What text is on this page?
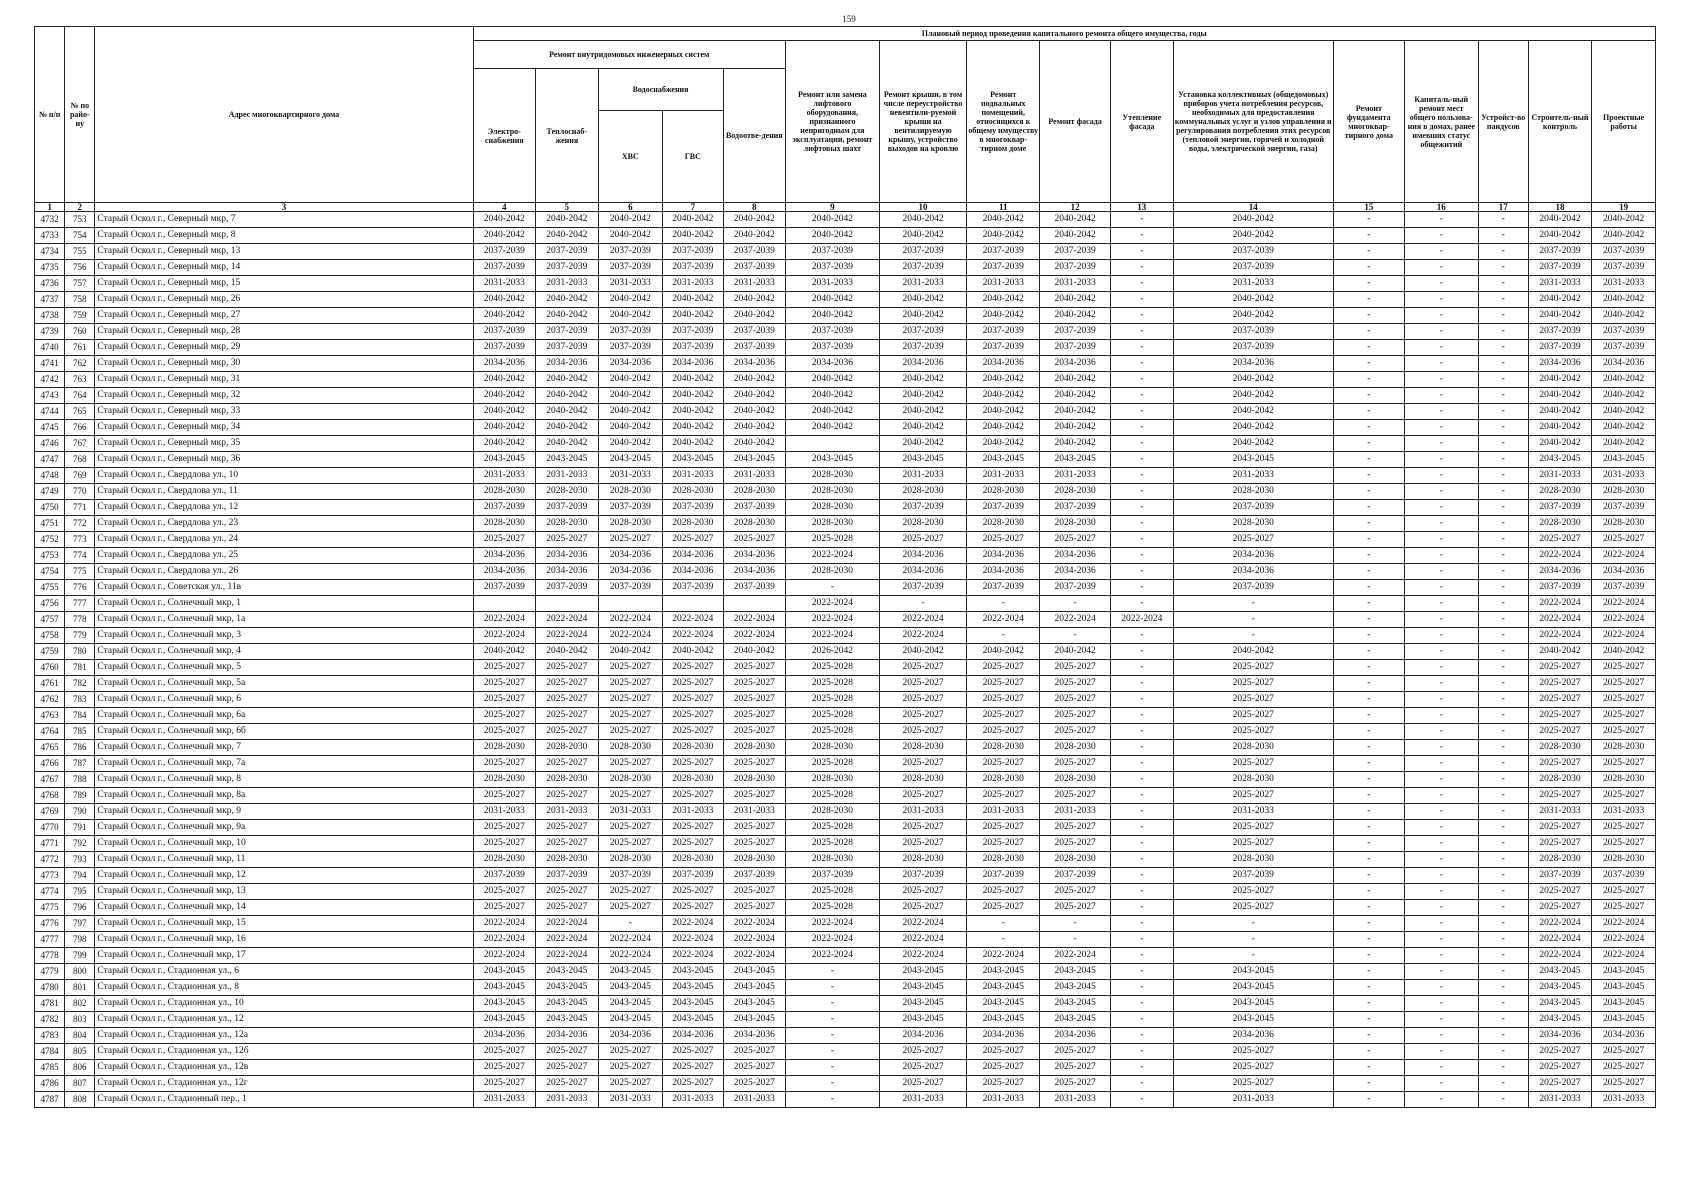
159
№ п/п	№ по райо-ну	Адрес многоквартирного дома	Плановый период проведения капитального ремонта общего имущества, годы															
			Ремонт внутридомовых инженерных систем					Ремонт или замена лифтового оборудования, признанного непригодным для эксплуатации, ремонт лифтовых шахт	Ремонт крыши, в том числе переустройство невентили-руемой крыши на вентилируемую крышу, устройство выходов на кровлю	Ремонт подвальных помещений, относящихся к общему имуществу в многоквар-тирном доме	Ремонт фасада	Утепление фасада	Установка коллективных (общедомовых) приборов учета потребления ресурсов, необходимых для предоставления коммунальных услуг и узлов управления и регулирования потребления этих ресурсов (тепловой энергии, горячей и холодной воды, электрической энергии, газа)	Ремонт фундамента многоквар-тирного дома	Капиталь-ный ремонт мест общего пользова-ния в домах, ранее имевших статус общежитий	Устройст-во пандусов	Строитель-ный контроль	Проектные работы
			Электро-снабжения	Теплоснаб-жения	Водоснабжения		Водоотве-дения											
					ХВС	ГВС												
1	2	3	4	5	6	7	8	9	10	11	12	13	14	15	16	17	18	19
4732	753	Старый Оскол г., Северный мкр, 7	2040-2042	2040-2042	2040-2042	2040-2042	2040-2042	2040-2042	2040-2042	2040-2042	2040-2042	-	2040-2042	-	-	-	2040-2042	2040-2042
4733	754	Старый Оскол г., Северный мкр, 8	2040-2042	2040-2042	2040-2042	2040-2042	2040-2042	2040-2042	2040-2042	2040-2042	2040-2042	-	2040-2042	-	-	-	2040-2042	2040-2042
4734	755	Старый Оскол г., Северный мкр, 13	2037-2039	2037-2039	2037-2039	2037-2039	2037-2039	2037-2039	2037-2039	2037-2039	2037-2039	-	2037-2039	-	-	-	2037-2039	2037-2039
4735	756	Старый Оскол г., Северный мкр, 14	2037-2039	2037-2039	2037-2039	2037-2039	2037-2039	2037-2039	2037-2039	2037-2039	2037-2039	-	2037-2039	-	-	-	2037-2039	2037-2039
4736	757	Старый Оскол г., Северный мкр, 15	2031-2033	2031-2033	2031-2033	2031-2033	2031-2033	2031-2033	2031-2033	2031-2033	2031-2033	-	2031-2033	-	-	-	2031-2033	2031-2033
4737	758	Старый Оскол г., Северный мкр, 26	2040-2042	2040-2042	2040-2042	2040-2042	2040-2042	2040-2042	2040-2042	2040-2042	2040-2042	-	2040-2042	-	-	-	2040-2042	2040-2042
4738	759	Старый Оскол г., Северный мкр, 27	2040-2042	2040-2042	2040-2042	2040-2042	2040-2042	2040-2042	2040-2042	2040-2042	2040-2042	-	2040-2042	-	-	-	2040-2042	2040-2042
4739	760	Старый Оскол г., Северный мкр, 28	2037-2039	2037-2039	2037-2039	2037-2039	2037-2039	2037-2039	2037-2039	2037-2039	2037-2039	-	2037-2039	-	-	-	2037-2039	2037-2039
4740	761	Старый Оскол г., Северный мкр, 29	2037-2039	2037-2039	2037-2039	2037-2039	2037-2039	2037-2039	2037-2039	2037-2039	2037-2039	-	2037-2039	-	-	-	2037-2039	2037-2039
4741	762	Старый Оскол г., Северный мкр, 30	2034-2036	2034-2036	2034-2036	2034-2036	2034-2036	2034-2036	2034-2036	2034-2036	2034-2036	-	2034-2036	-	-	-	2034-2036	2034-2036
4742	763	Старый Оскол г., Северный мкр, 31	2040-2042	2040-2042	2040-2042	2040-2042	2040-2042	2040-2042	2040-2042	2040-2042	2040-2042	-	2040-2042	-	-	-	2040-2042	2040-2042
4743	764	Старый Оскол г., Северный мкр, 32	2040-2042	2040-2042	2040-2042	2040-2042	2040-2042	2040-2042	2040-2042	2040-2042	2040-2042	-	2040-2042	-	-	-	2040-2042	2040-2042
4744	765	Старый Оскол г., Северный мкр, 33	2040-2042	2040-2042	2040-2042	2040-2042	2040-2042	2040-2042	2040-2042	2040-2042	2040-2042	-	2040-2042	-	-	-	2040-2042	2040-2042
4745	766	Старый Оскол г., Северный мкр, 34	2040-2042	2040-2042	2040-2042	2040-2042	2040-2042	2040-2042	2040-2042	2040-2042	2040-2042	-	2040-2042	-	-	-	2040-2042	2040-2042
4746	767	Старый Оскол г., Северный мкр, 35	2040-2042	2040-2042	2040-2042	2040-2042	2040-2042		2040-2042	2040-2042	2040-2042	-	2040-2042	-	-	-	2040-2042	2040-2042
4747	768	Старый Оскол г., Северный мкр, 36	2043-2045	2043-2045	2043-2045	2043-2045	2043-2045	2043-2045	2043-2045	2043-2045	2043-2045	-	2043-2045	-	-	-	2043-2045	2043-2045
4748	769	Старый Оскол г., Свердлова ул., 10	2031-2033	2031-2033	2031-2033	2031-2033	2031-2033	2028-2030	2031-2033	2031-2033	2031-2033	-	2031-2033	-	-	-	2031-2033	2031-2033
4749	770	Старый Оскол г., Свердлова ул., 11	2028-2030	2028-2030	2028-2030	2028-2030	2028-2030	2028-2030	2028-2030	2028-2030	2028-2030	-	2028-2030	-	-	-	2028-2030	2028-2030
4750	771	Старый Оскол г., Свердлова ул., 12	2037-2039	2037-2039	2037-2039	2037-2039	2037-2039	2028-2030	2037-2039	2037-2039	2037-2039	-	2037-2039	-	-	-	2037-2039	2037-2039
4751	772	Старый Оскол г., Свердлова ул., 23	2028-2030	2028-2030	2028-2030	2028-2030	2028-2030	2028-2030	2028-2030	2028-2030	2028-2030	-	2028-2030	-	-	-	2028-2030	2028-2030
4752	773	Старый Оскол г., Свердлова ул., 24	2025-2027	2025-2027	2025-2027	2025-2027	2025-2027	2025-2028	2025-2027	2025-2027	2025-2027	-	2025-2027	-	-	-	2025-2027	2025-2027
4753	774	Старый Оскол г., Свердлова ул., 25	2034-2036	2034-2036	2034-2036	2034-2036	2034-2036	2022-2024	2034-2036	2034-2036	2034-2036	-	2034-2036	-	-	-	2022-2024	2022-2024
4754	775	Старый Оскол г., Свердлова ул., 26	2034-2036	2034-2036	2034-2036	2034-2036	2034-2036	2028-2030	2034-2036	2034-2036	2034-2036	-	2034-2036	-	-	-	2034-2036	2034-2036
4755	776	Старый Оскол г., Советская ул., 11в	2037-2039	2037-2039	2037-2039	2037-2039	2037-2039	-	2037-2039	2037-2039	2037-2039	-	2037-2039	-	-	-	2037-2039	2037-2039
4756	777	Старый Оскол г., Солнечный мкр, 1						2022-2024	-	-	-	-	-	-	-	-	2022-2024	2022-2024
4757	778	Старый Оскол г., Солнечный мкр, 1а	2022-2024	2022-2024	2022-2024	2022-2024	2022-2024	2022-2024	2022-2024	2022-2024	2022-2024	2022-2024	-	-	-	-	2022-2024	2022-2024
4758	779	Старый Оскол г., Солнечный мкр, 3	2022-2024	2022-2024	2022-2024	2022-2024	2022-2024	2022-2024	2022-2024	-	-	-	-	-	-	-	2022-2024	2022-2024
4759	780	Старый Оскол г., Солнечный мкр, 4	2040-2042	2040-2042	2040-2042	2040-2042	2040-2042	2026-2042	2040-2042	2040-2042	2040-2042	-	2040-2042	-	-	-	2040-2042	2040-2042
4760	781	Старый Оскол г., Солнечный мкр, 5	2025-2027	2025-2027	2025-2027	2025-2027	2025-2027	2025-2028	2025-2027	2025-2027	2025-2027	-	2025-2027	-	-	-	2025-2027	2025-2027
4761	782	Старый Оскол г., Солнечный мкр, 5а	2025-2027	2025-2027	2025-2027	2025-2027	2025-2027	2025-2028	2025-2027	2025-2027	2025-2027	-	2025-2027	-	-	-	2025-2027	2025-2027
4762	783	Старый Оскол г., Солнечный мкр, 6	2025-2027	2025-2027	2025-2027	2025-2027	2025-2027	2025-2028	2025-2027	2025-2027	2025-2027	-	2025-2027	-	-	-	2025-2027	2025-2027
4763	784	Старый Оскол г., Солнечный мкр, 6а	2025-2027	2025-2027	2025-2027	2025-2027	2025-2027	2025-2028	2025-2027	2025-2027	2025-2027	-	2025-2027	-	-	-	2025-2027	2025-2027
4764	785	Старый Оскол г., Солнечный мкр, 6б	2025-2027	2025-2027	2025-2027	2025-2027	2025-2027	2025-2028	2025-2027	2025-2027	2025-2027	-	2025-2027	-	-	-	2025-2027	2025-2027
4765	786	Старый Оскол г., Солнечный мкр, 7	2028-2030	2028-2030	2028-2030	2028-2030	2028-2030	2028-2030	2028-2030	2028-2030	2028-2030	-	2028-2030	-	-	-	2028-2030	2028-2030
4766	787	Старый Оскол г., Солнечный мкр, 7а	2025-2027	2025-2027	2025-2027	2025-2027	2025-2027	2025-2028	2025-2027	2025-2027	2025-2027	-	2025-2027	-	-	-	2025-2027	2025-2027
4767	788	Старый Оскол г., Солнечный мкр, 8	2028-2030	2028-2030	2028-2030	2028-2030	2028-2030	2028-2030	2028-2030	2028-2030	2028-2030	-	2028-2030	-	-	-	2028-2030	2028-2030
4768	789	Старый Оскол г., Солнечный мкр, 8а	2025-2027	2025-2027	2025-2027	2025-2027	2025-2027	2025-2028	2025-2027	2025-2027	2025-2027	-	2025-2027	-	-	-	2025-2027	2025-2027
4769	790	Старый Оскол г., Солнечный мкр, 9	2031-2033	2031-2033	2031-2033	2031-2033	2031-2033	2028-2030	2031-2033	2031-2033	2031-2033	-	2031-2033	-	-	-	2031-2033	2031-2033
4770	791	Старый Оскол г., Солнечный мкр, 9а	2025-2027	2025-2027	2025-2027	2025-2027	2025-2027	2025-2028	2025-2027	2025-2027	2025-2027	-	2025-2027	-	-	-	2025-2027	2025-2027
4771	792	Старый Оскол г., Солнечный мкр, 10	2025-2027	2025-2027	2025-2027	2025-2027	2025-2027	2025-2028	2025-2027	2025-2027	2025-2027	-	2025-2027	-	-	-	2025-2027	2025-2027
4772	793	Старый Оскол г., Солнечный мкр, 11	2028-2030	2028-2030	2028-2030	2028-2030	2028-2030	2028-2030	2028-2030	2028-2030	2028-2030	-	2028-2030	-	-	-	2028-2030	2028-2030
4773	794	Старый Оскол г., Солнечный мкр, 12	2037-2039	2037-2039	2037-2039	2037-2039	2037-2039	2037-2039	2037-2039	2037-2039	2037-2039	-	2037-2039	-	-	-	2037-2039	2037-2039
4774	795	Старый Оскол г., Солнечный мкр, 13	2025-2027	2025-2027	2025-2027	2025-2027	2025-2027	2025-2028	2025-2027	2025-2027	2025-2027	-	2025-2027	-	-	-	2025-2027	2025-2027
4775	796	Старый Оскол г., Солнечный мкр, 14	2025-2027	2025-2027	2025-2027	2025-2027	2025-2027	2025-2028	2025-2027	2025-2027	2025-2027	-	2025-2027	-	-	-	2025-2027	2025-2027
4776	797	Старый Оскол г., Солнечный мкр, 15	2022-2024	2022-2024	-	2022-2024	2022-2024	2022-2024	2022-2024	-	-	-	-	-	-	-	2022-2024	2022-2024
4777	798	Старый Оскол г., Солнечный мкр, 16	2022-2024	2022-2024	2022-2024	2022-2024	2022-2024	2022-2024	2022-2024	-	-	-	-	-	-	-	2022-2024	2022-2024
4778	799	Старый Оскол г., Солнечный мкр, 17	2022-2024	2022-2024	2022-2024	2022-2024	2022-2024	2022-2024	2022-2024	2022-2024	2022-2024	-	-	-	-	-	2022-2024	2022-2024
4779	800	Старый Оскол г., Стадионная ул., 6	2043-2045	2043-2045	2043-2045	2043-2045	2043-2045	-	2043-2045	2043-2045	2043-2045	-	2043-2045	-	-	-	2043-2045	2043-2045
4780	801	Старый Оскол г., Стадионная ул., 8	2043-2045	2043-2045	2043-2045	2043-2045	2043-2045	-	2043-2045	2043-2045	2043-2045	-	2043-2045	-	-	-	2043-2045	2043-2045
4781	802	Старый Оскол г., Стадионная ул., 10	2043-2045	2043-2045	2043-2045	2043-2045	2043-2045	-	2043-2045	2043-2045	2043-2045	-	2043-2045	-	-	-	2043-2045	2043-2045
4782	803	Старый Оскол г., Стадионная ул., 12	2043-2045	2043-2045	2043-2045	2043-2045	2043-2045	-	2043-2045	2043-2045	2043-2045	-	2043-2045	-	-	-	2043-2045	2043-2045
4783	804	Старый Оскол г., Стадионная ул., 12а	2034-2036	2034-2036	2034-2036	2034-2036	2034-2036	-	2034-2036	2034-2036	2034-2036	-	2034-2036	-	-	-	2034-2036	2034-2036
4784	805	Старый Оскол г., Стадионная ул., 12б	2025-2027	2025-2027	2025-2027	2025-2027	2025-2027	-	2025-2027	2025-2027	2025-2027	-	2025-2027	-	-	-	2025-2027	2025-2027
4785	806	Старый Оскол г., Стадионная ул., 12в	2025-2027	2025-2027	2025-2027	2025-2027	2025-2027	-	2025-2027	2025-2027	2025-2027	-	2025-2027	-	-	-	2025-2027	2025-2027
4786	807	Старый Оскол г., Стадионная ул., 12г	2025-2027	2025-2027	2025-2027	2025-2027	2025-2027	-	2025-2027	2025-2027	2025-2027	-	2025-2027	-	-	-	2025-2027	2025-2027
4787	808	Старый Оскол г., Стадионный пер., 1	2031-2033	2031-2033	2031-2033	2031-2033	2031-2033	-	2031-2033	2031-2033	2031-2033	-	2031-2033	-	-	-	2031-2033	2031-2033
